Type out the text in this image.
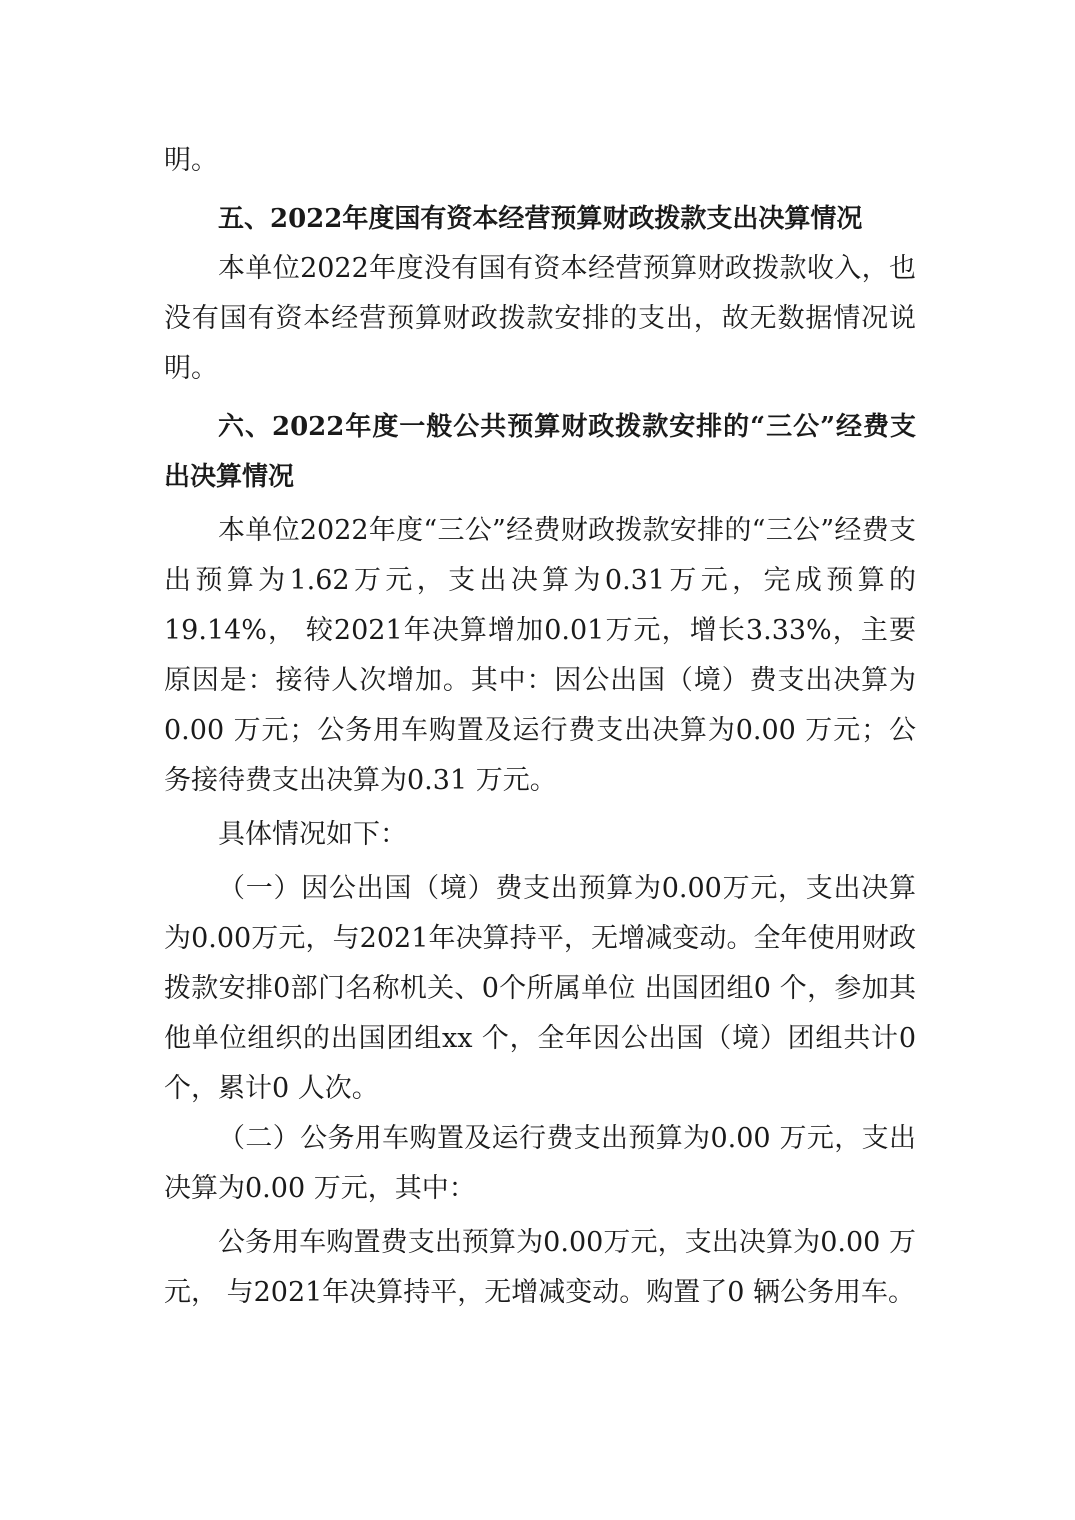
明。

五、2022年度国有资本经营预算财政拨款支出决算情况

本单位2022年度没有国有资本经营预算财政拨款收入，也没有国有资本经营预算财政拨款安排的支出，故无数据情况说明。

六、2022年度一般公共预算财政拨款安排的“三公”经费支出决算情况

本单位2022年度“三公”经费财政拨款安排的“三公”经费支出预算为1.62万元，支出决算为0.31万元，完成预算的19.14%， 较2021年决算增加0.01万元，增长3.33%，主要原因是：接待人次增加。其中：因公出国（境）费支出决算为0.00 万元；公务用车购置及运行费支出决算为0.00 万元；公务接待费支出决算为0.31 万元。

具体情况如下：

（一）因公出国（境）费支出预算为0.00万元，支出决算为0.00万元，与2021年决算持平，无增减变动。全年使用财政拨款安排0部门名称机关、0个所属单位 出国团组0 个，参加其他单位组织的出国团组xx 个，全年因公出国（境）团组共计0 个，累计0 人次。

（二）公务用车购置及运行费支出预算为0.00 万元，支出决算为0.00 万元，其中：

公务用车购置费支出预算为0.00万元，支出决算为0.00 万元， 与2021年决算持平，无增减变动。购置了0 辆公务用车。
